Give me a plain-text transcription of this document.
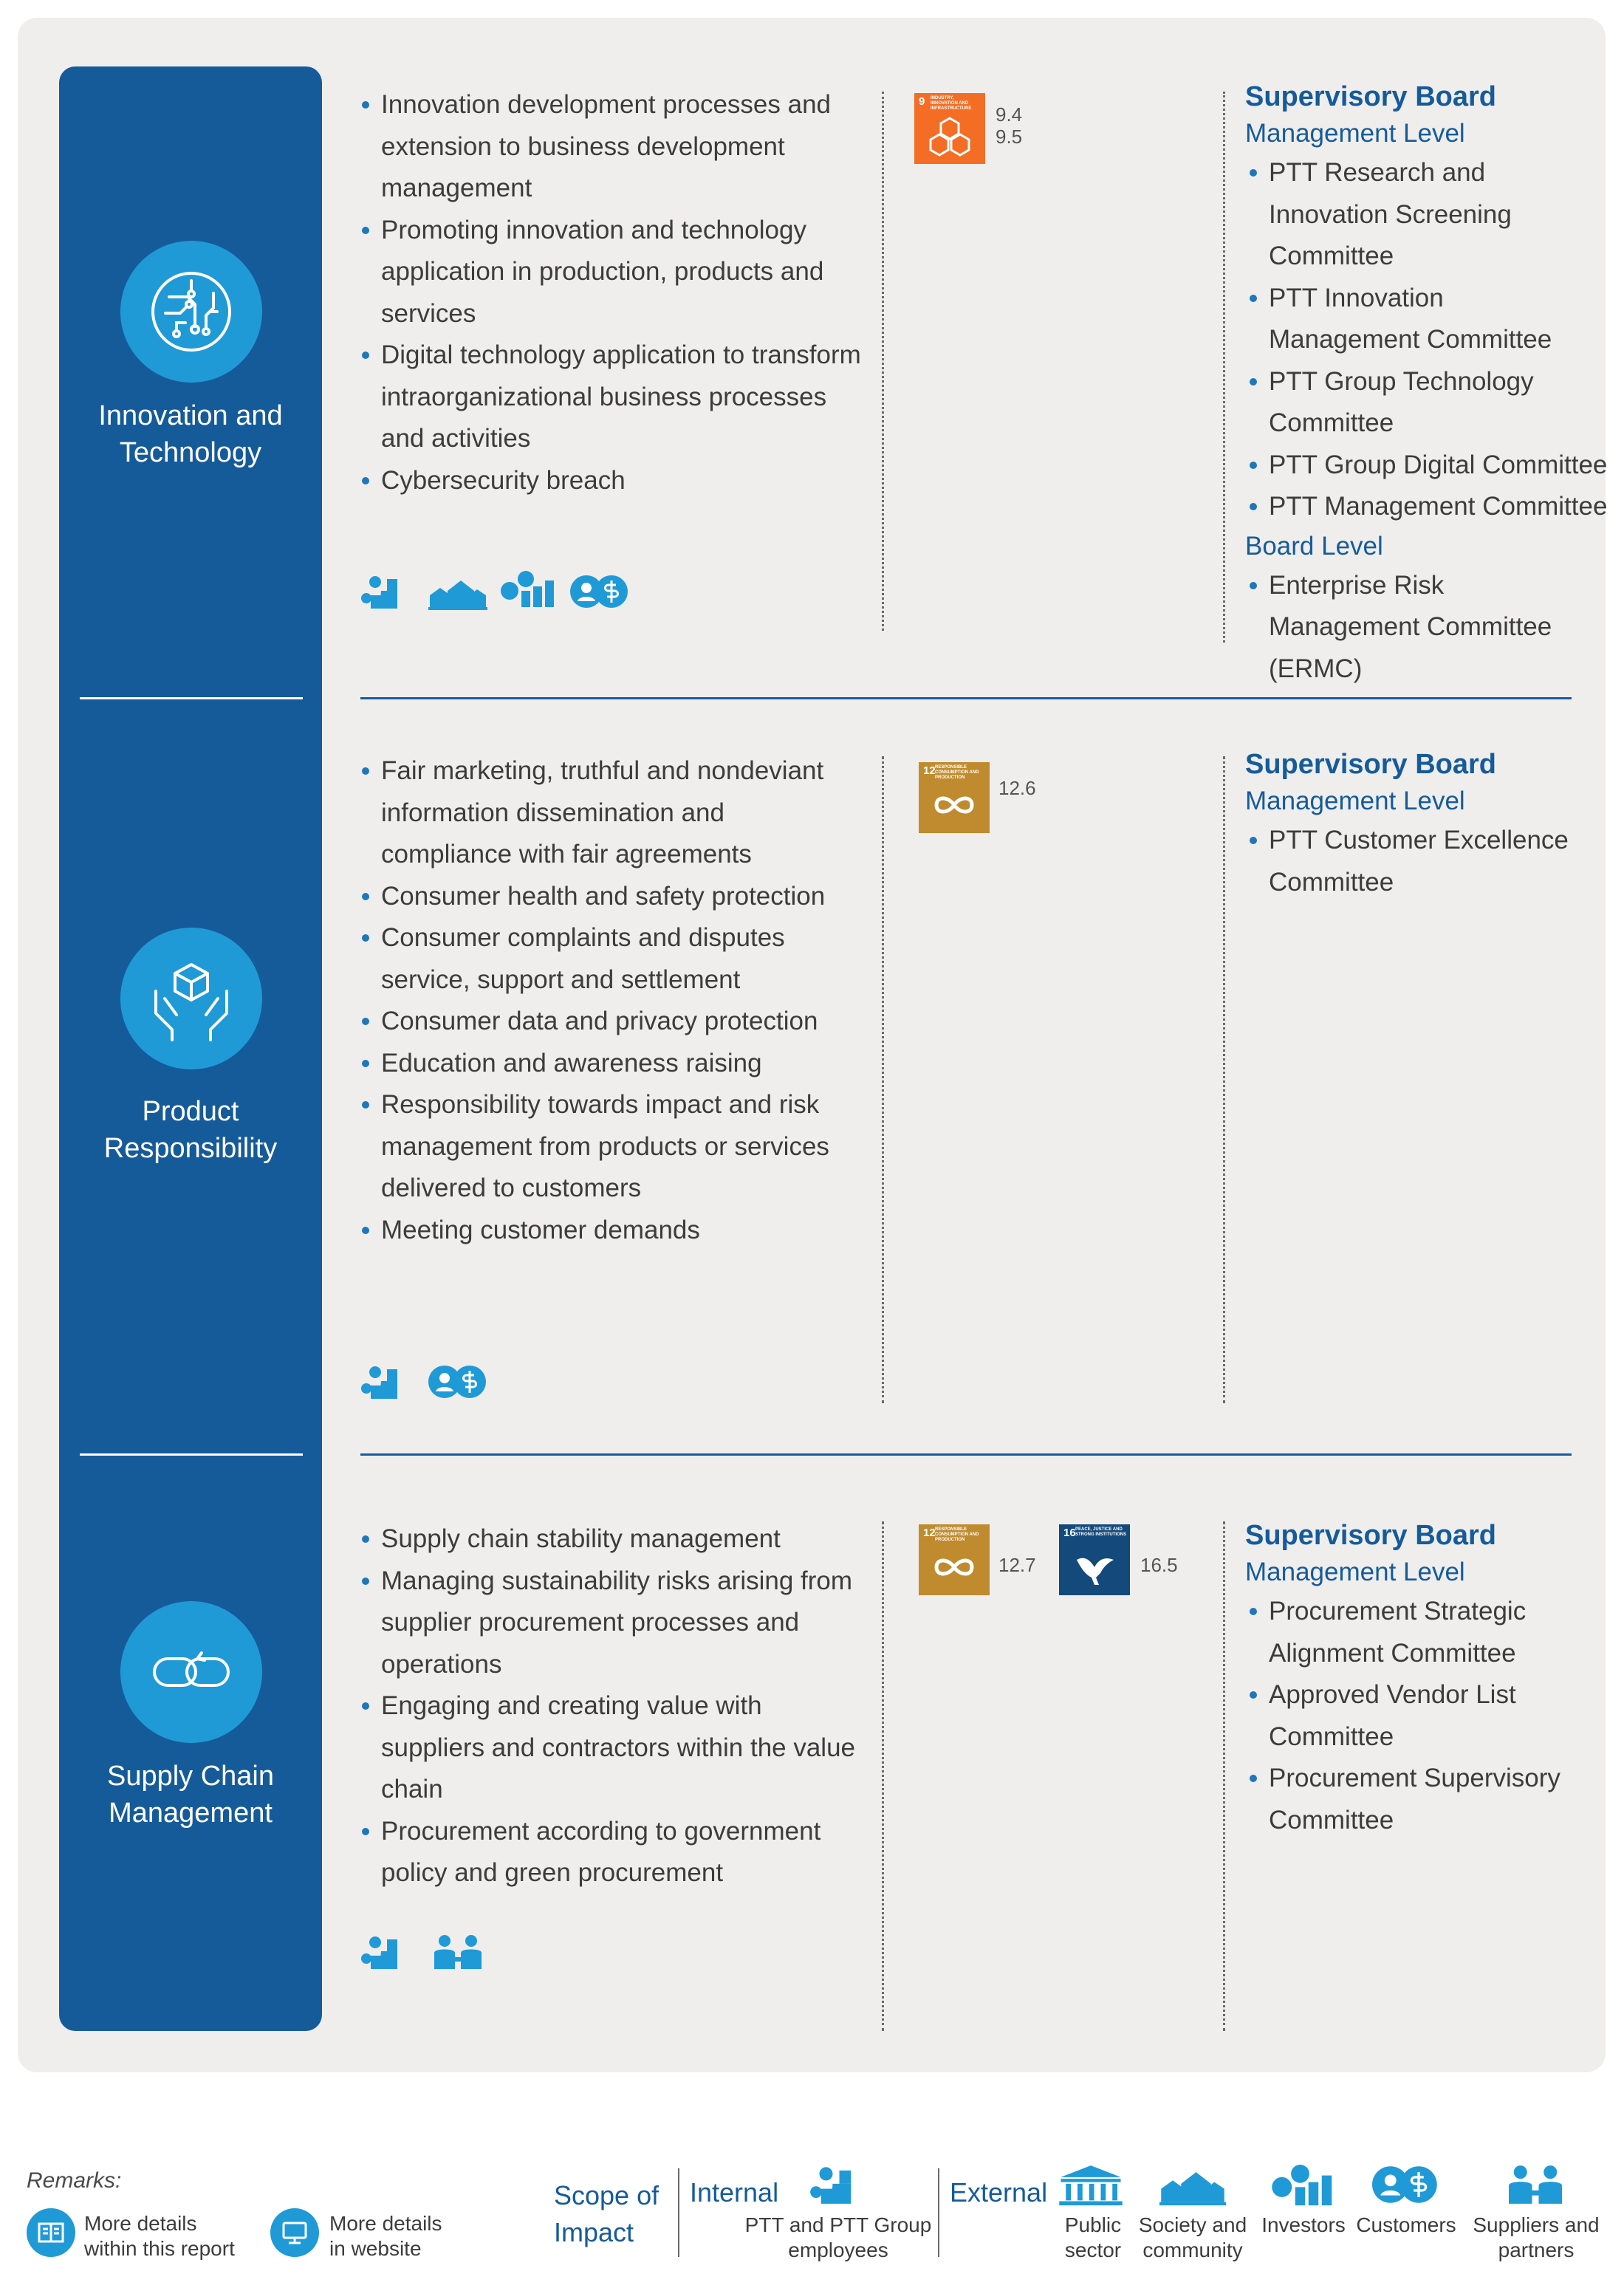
Innovation and Technology
Product Responsibility
Supply Chain Management
Innovation development processes and extension to business development management
Promoting innovation and technology application in production, products and services
Digital technology application to transform intraorganizational business processes and activities
Cybersecurity breach
Fair marketing, truthful and nondeviant information dissemination and compliance with fair agreements
Consumer health and safety protection
Consumer complaints and disputes service, support and settlement
Consumer data and privacy protection
Education and awareness raising
Responsibility towards impact and risk management from products or services delivered to customers
Meeting customer demands
Supply chain stability management
Managing sustainability risks arising from supplier procurement processes and operations
Engaging and creating value with suppliers and contractors within the value chain
Procurement according to government policy and green procurement
9 INDUSTRY, INNOVATION AND INFRASTRUCTURE	9.4
9.5
12 RESPONSIBLE CONSUMPTION AND PRODUCTION	12.6
12 RESPONSIBLE CONSUMPTION AND PRODUCTION
12.7
16 PEACE, JUSTICE AND STRONG INSTITUTIONS
16.5
Supervisory Board
Management Level
PTT Research and Innovation Screening Committee
PTT Innovation Management Committee
PTT Group Technology Committee
PTT Group Digital Committee
PTT Management Committee
Board Level
Enterprise Risk Management Committee (ERMC)
Supervisory Board
Management Level
PTT Customer Excellence Committee
Supervisory Board
Management Level
Procurement Strategic Alignment Committee
Approved Vendor List Committee
Procurement Supervisory Committee
Remarks:
More details
within this report
More details
in website
Scope of
Impact
Internal
PTT and PTT Group
employees
External
Public
sector
Society and
community
Investors Customers Suppliers and
partners
